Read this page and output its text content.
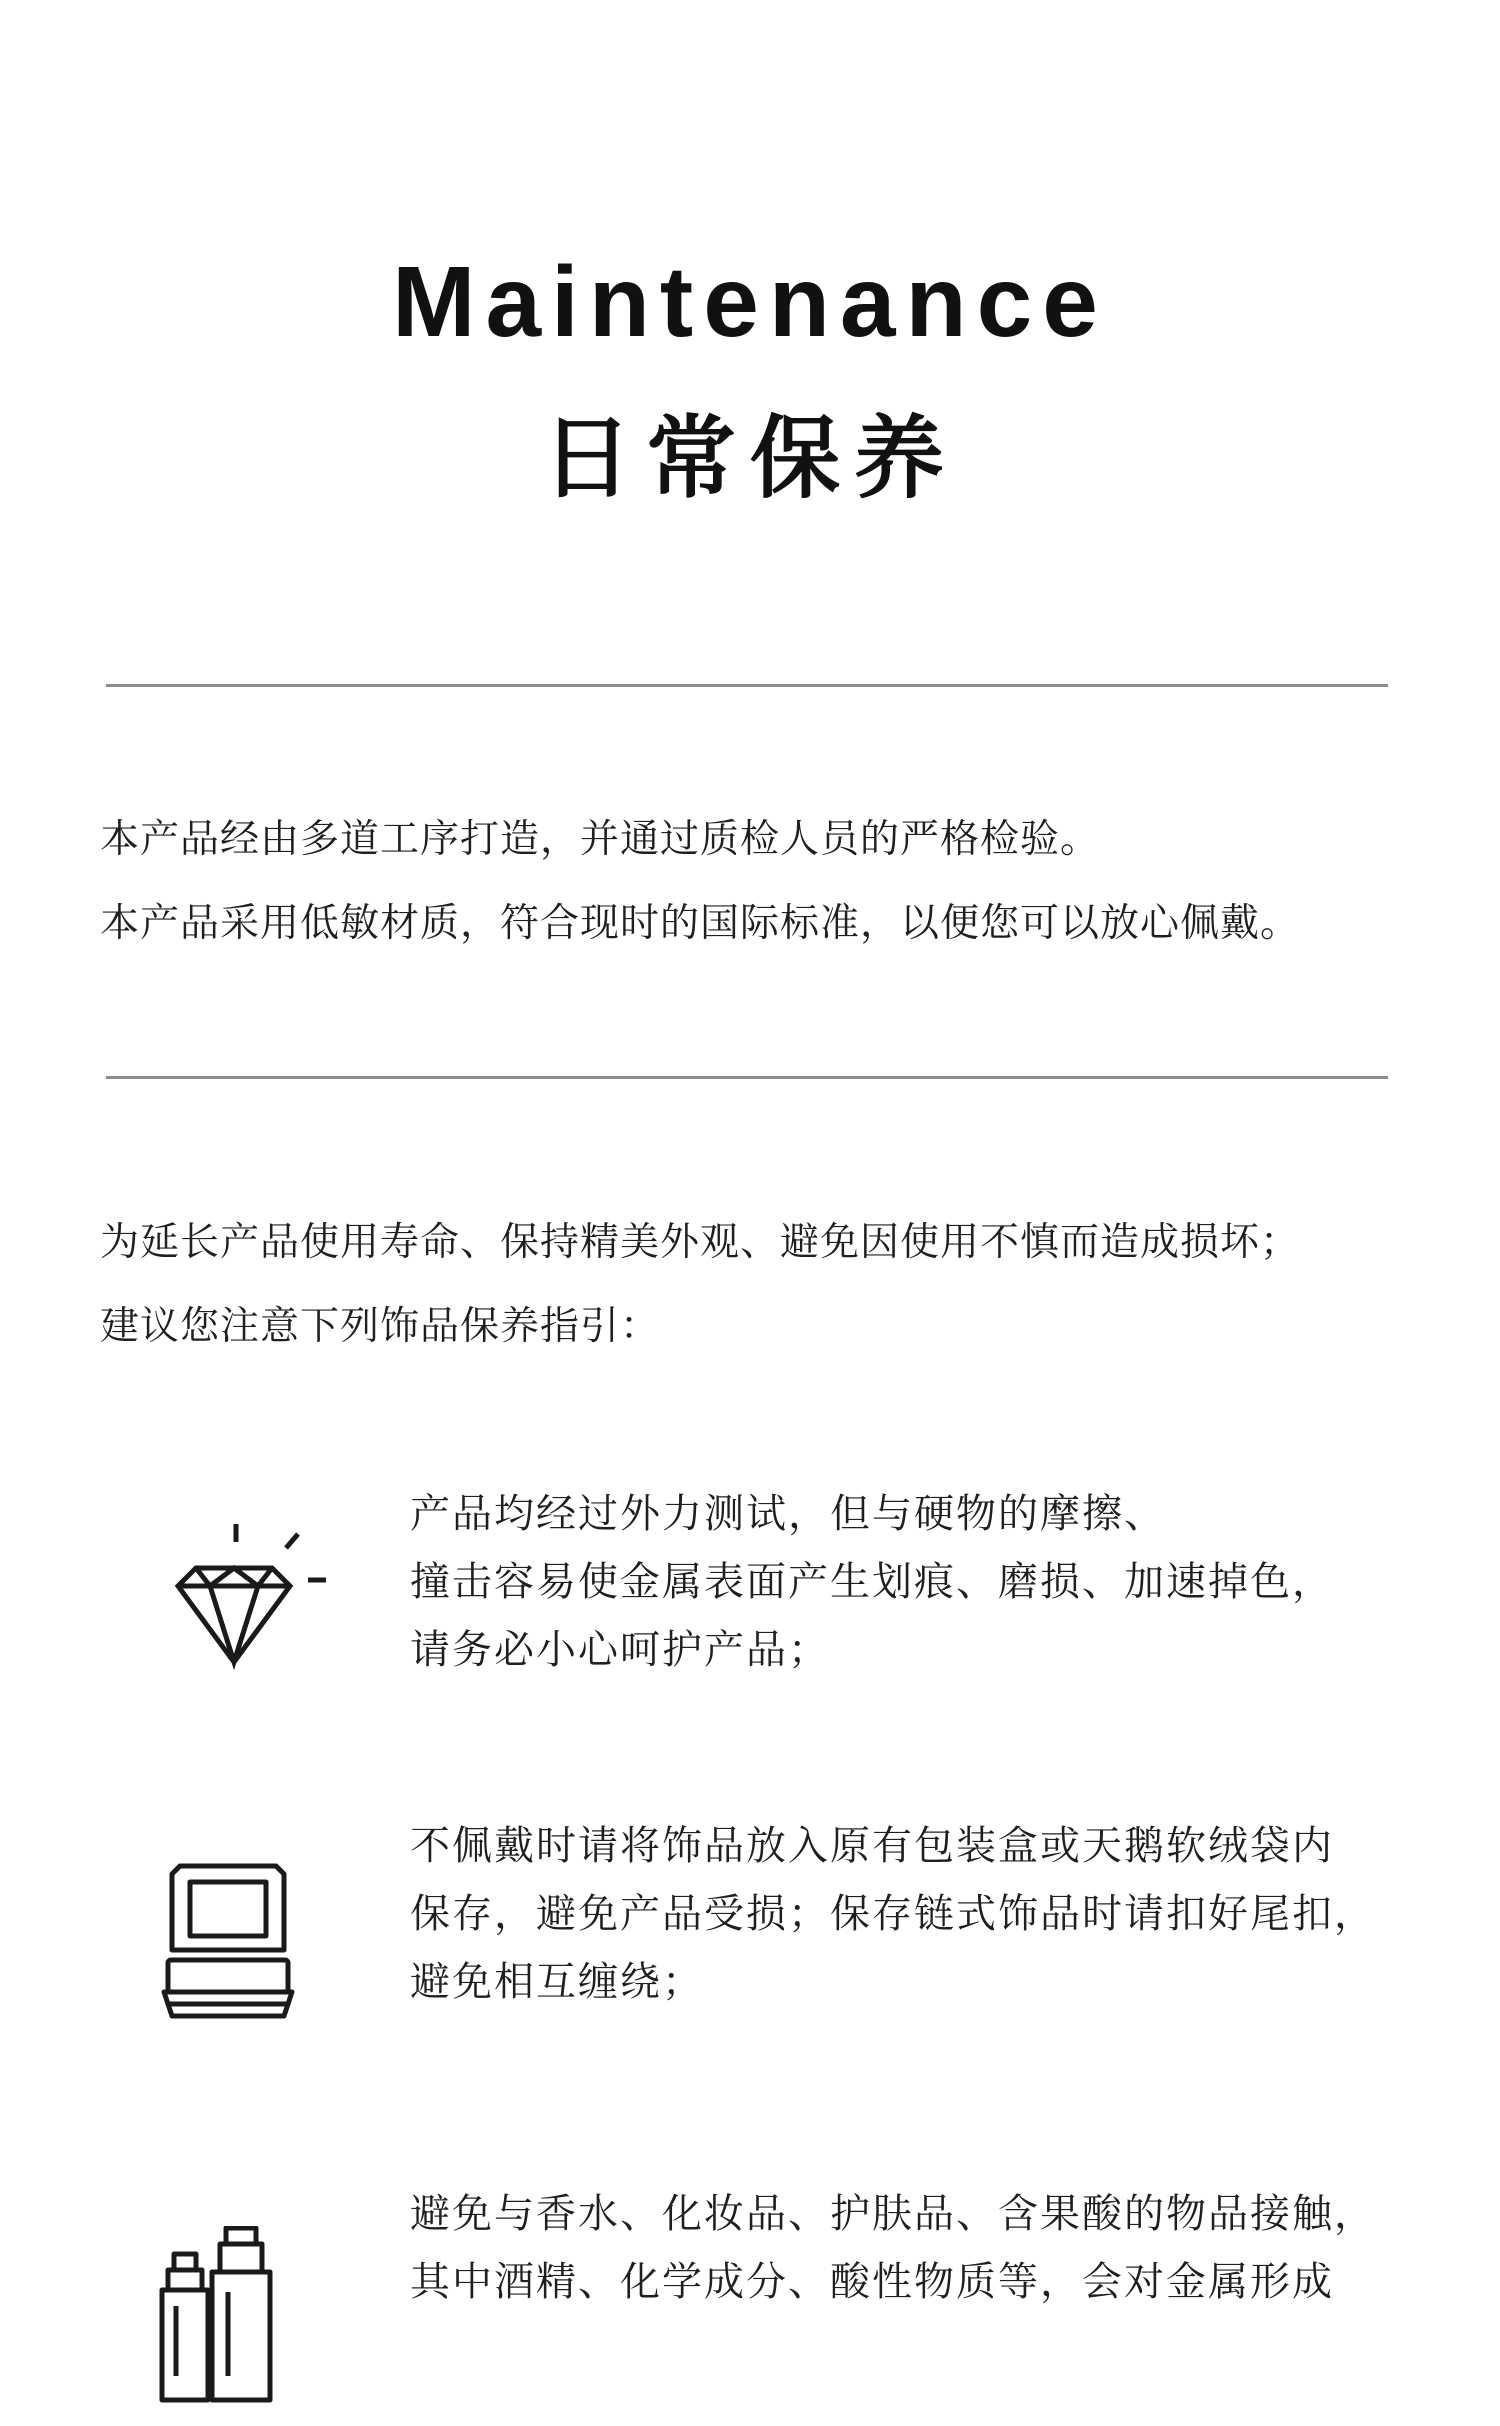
Maintenance
日常保养
本产品经由多道工序打造，并通过质检人员的严格检验。
本产品采用低敏材质，符合现时的国际标准，以便您可以放心佩戴。
为延长产品使用寿命、保持精美外观、避免因使用不慎而造成损坏；
建议您注意下列饰品保养指引：
产品均经过外力测试，但与硬物的摩擦、
撞击容易使金属表面产生划痕、磨损、加速掉色，
请务必小心呵护产品；
不佩戴时请将饰品放入原有包装盒或天鹅软绒袋内
保存，避免产品受损；保存链式饰品时请扣好尾扣，
避免相互缠绕；
避免与香水、化妆品、护肤品、含果酸的物品接触，
其中酒精、化学成分、酸性物质等，会对金属形成
